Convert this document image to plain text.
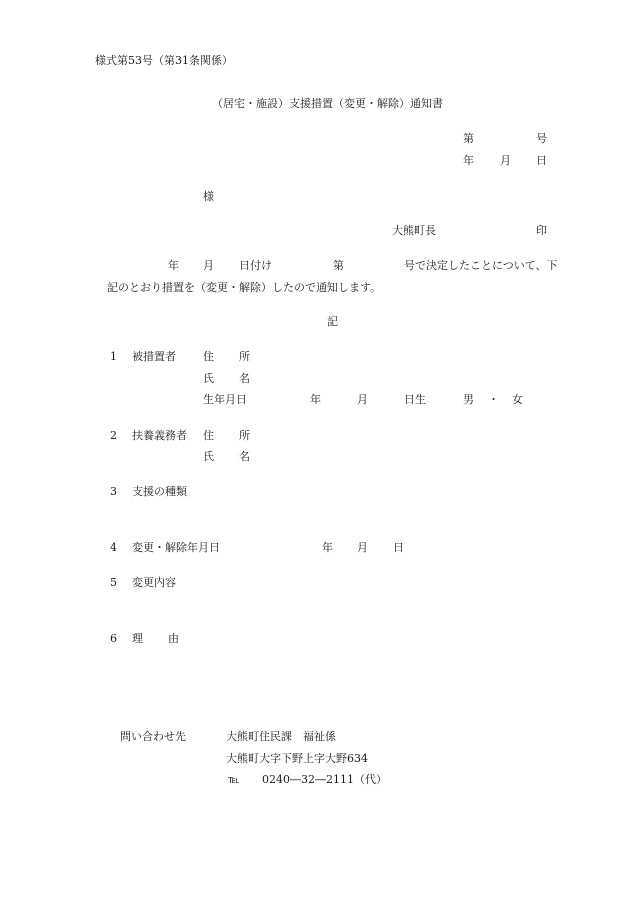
様式第53号（第31条関係）
（居宅・施設）支援措置（変更・解除）通知書
第	号
年 月 日
様
大熊町長	印
年 月 日付け	第	号で決定したことについて、下
記のとおり措置を（変更・解除）したので通知します。
記
1 被措置者 住 所
氏 名
生年月日	年	月	日生	男 ・ 女
2 扶養義務者 住 所
氏 名
3 支援の種類
4 変更・解除年月日	年 月 日
5 変更内容
6 理 由
問い合わせ先	大熊町住民課　福祉係
大熊町大字下野上字大野634
℡ 0240―32―2111（代）
